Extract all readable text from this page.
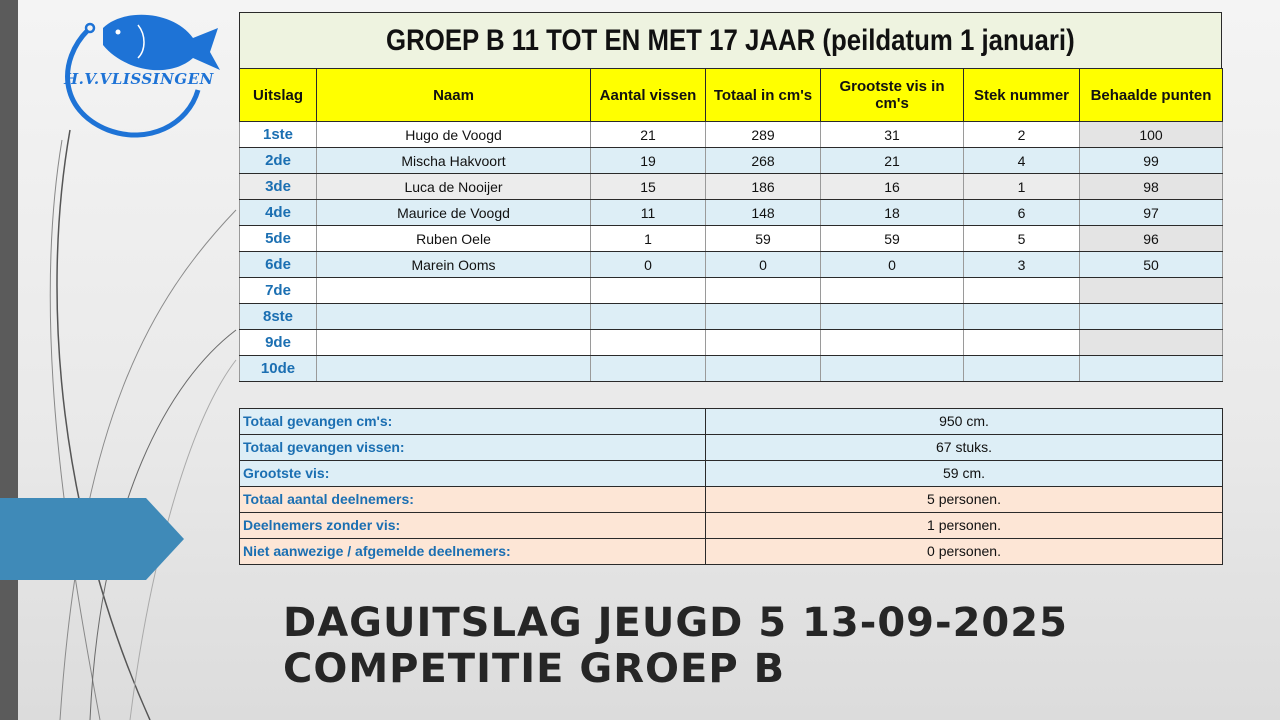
H.V.VLISSINGEN
GROEP B 11 TOT EN MET 17 JAAR (peildatum 1 januari)
Uitslag	Naam	Aantal vissen	Totaal in cm's	Grootste vis in cm's	Stek nummer	Behaalde punten
1ste	Hugo de Voogd	21	289	31	2	100
2de	Mischa Hakvoort	19	268	21	4	99
3de	Luca de Nooijer	15	186	16	1	98
4de	Maurice de Voogd	11	148	18	6	97
5de	Ruben Oele	1	59	59	5	96
6de	Marein Ooms	0	0	0	3	50
7de						
8ste						
9de						
10de						

Totaal gevangen cm's:	950 cm.
Totaal gevangen vissen:	67 stuks.
Grootste vis:	59 cm.
Totaal aantal deelnemers:	5 personen.
Deelnemers zonder vis:	1 personen.
Niet aanwezige / afgemelde deelnemers:	0 personen.
DAGUITSLAG JEUGD 5 13-09-2025
COMPETITIE GROEP B
